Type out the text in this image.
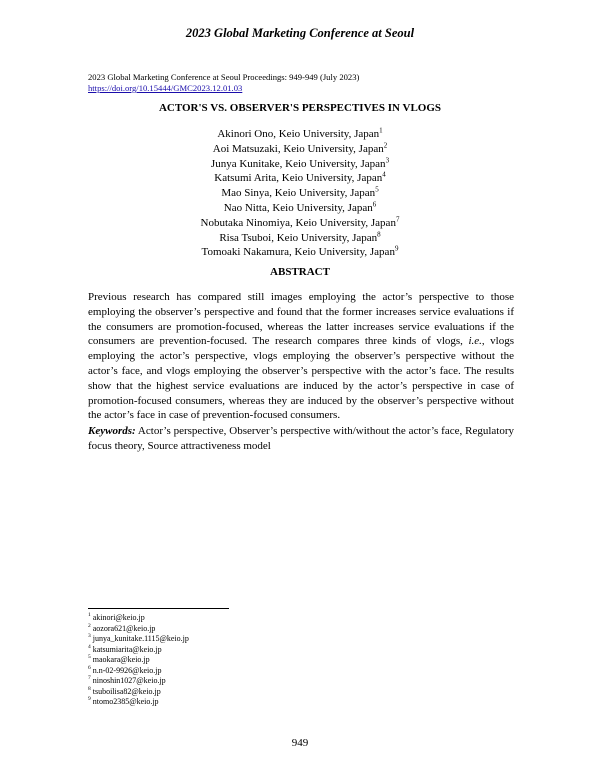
2023 Global Marketing Conference at Seoul
2023 Global Marketing Conference at Seoul Proceedings: 949-949 (July 2023)
https://doi.org/10.15444/GMC2023.12.01.03
ACTOR'S VS. OBSERVER'S PERSPECTIVES IN VLOGS
Akinori Ono, Keio University, Japan$^1$
Aoi Matsuzaki, Keio University, Japan$^2$
Junya Kunitake, Keio University, Japan$^3$
Katsumi Arita, Keio University, Japan$^4$
Mao Sinya, Keio University, Japan$^5$
Nao Nitta, Keio University, Japan$^6$
Nobutaka Ninomiya, Keio University, Japan$^7$
Risa Tsuboi, Keio University, Japan$^8$
Tomoaki Nakamura, Keio University, Japan$^9$
ABSTRACT

Previous research has compared still images employing the actor’s perspective to those employing the observer’s perspective and found that the former increases service evaluations if the consumers are promotion-focused, whereas the latter increases service evaluations if the consumers are prevention-focused. The research compares three kinds of vlogs, i.e., vlogs employing the actor’s perspective, vlogs employing the observer’s perspective without the actor’s face, and vlogs employing the observer’s perspective with the actor’s face. The results show that the highest service evaluations are induced by the actor’s perspective in case of promotion-focused consumers, whereas they are induced by the observer’s perspective without the actor’s face in case of prevention-focused consumers.

Keywords: Actor’s perspective, Observer’s perspective with/without the actor’s face, Regulatory focus theory, Source attractiveness model

$^1$ akinori@keio.jp
$^2$ aozora621@keio.jp
$^3$ junya_kunitake.1115@keio.jp
$^4$ katsumiarita@keio.jp
$^5$ maokara@keio.jp
$^6$ n.n-02-9926@keio.jp
$^7$ ninoshin1027@keio.jp
$^8$ tsuboilisa82@keio.jp
$^9$ ntomo2385@keio.jp
949
